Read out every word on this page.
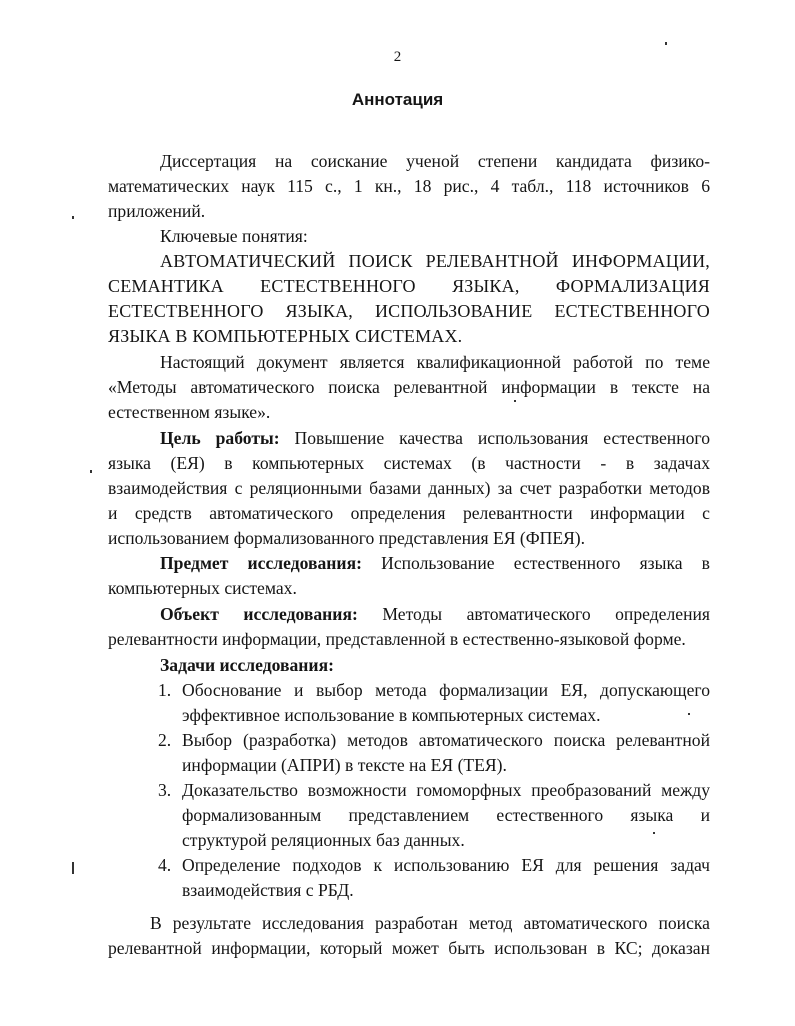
2
Аннотация
Диссертация на соискание ученой степени кандидата физико-
математических наук 115 с., 1 кн., 18 рис., 4 табл., 118 источников 6
приложений.
Ключевые понятия:
АВТОМАТИЧЕСКИЙ ПОИСК РЕЛЕВАНТНОЙ ИНФОРМАЦИИ,
СЕМАНТИКА ЕСТЕСТВЕННОГО ЯЗЫКА, ФОРМАЛИЗАЦИЯ
ЕСТЕСТВЕННОГО ЯЗЫКА, ИСПОЛЬЗОВАНИЕ ЕСТЕСТВЕННОГО
ЯЗЫКА В КОМПЬЮТЕРНЫХ СИСТЕМАХ.
Настоящий документ является квалификационной работой по теме
«Методы автоматического поиска релевантной информации в тексте на
естественном языке».
Цель работы: Повышение качества использования естественного
языка (ЕЯ) в компьютерных системах (в частности - в задачах
взаимодействия с реляционными базами данных) за счет разработки методов
и средств автоматического определения релевантности информации с
использованием формализованного представления ЕЯ (ФПЕЯ).
Предмет исследования: Использование естественного языка в
компьютерных системах.
Объект исследования: Методы автоматического определения
релевантности информации, представленной в естественно-языковой форме.
Задачи исследования:
1. Обоснование и выбор метода формализации ЕЯ, допускающего
эффективное использование в компьютерных системах.
2. Выбор (разработка) методов автоматического поиска релевантной
информации (АПРИ) в тексте на ЕЯ (ТЕЯ).
3. Доказательство возможности гомоморфных преобразований между
формализованным представлением естественного языка и
структурой реляционных баз данных.
4. Определение подходов к использованию ЕЯ для решения задач
взаимодействия с РБД.
В результате исследования разработан метод автоматического поиска
релевантной информации, который может быть использован в КС; доказан
